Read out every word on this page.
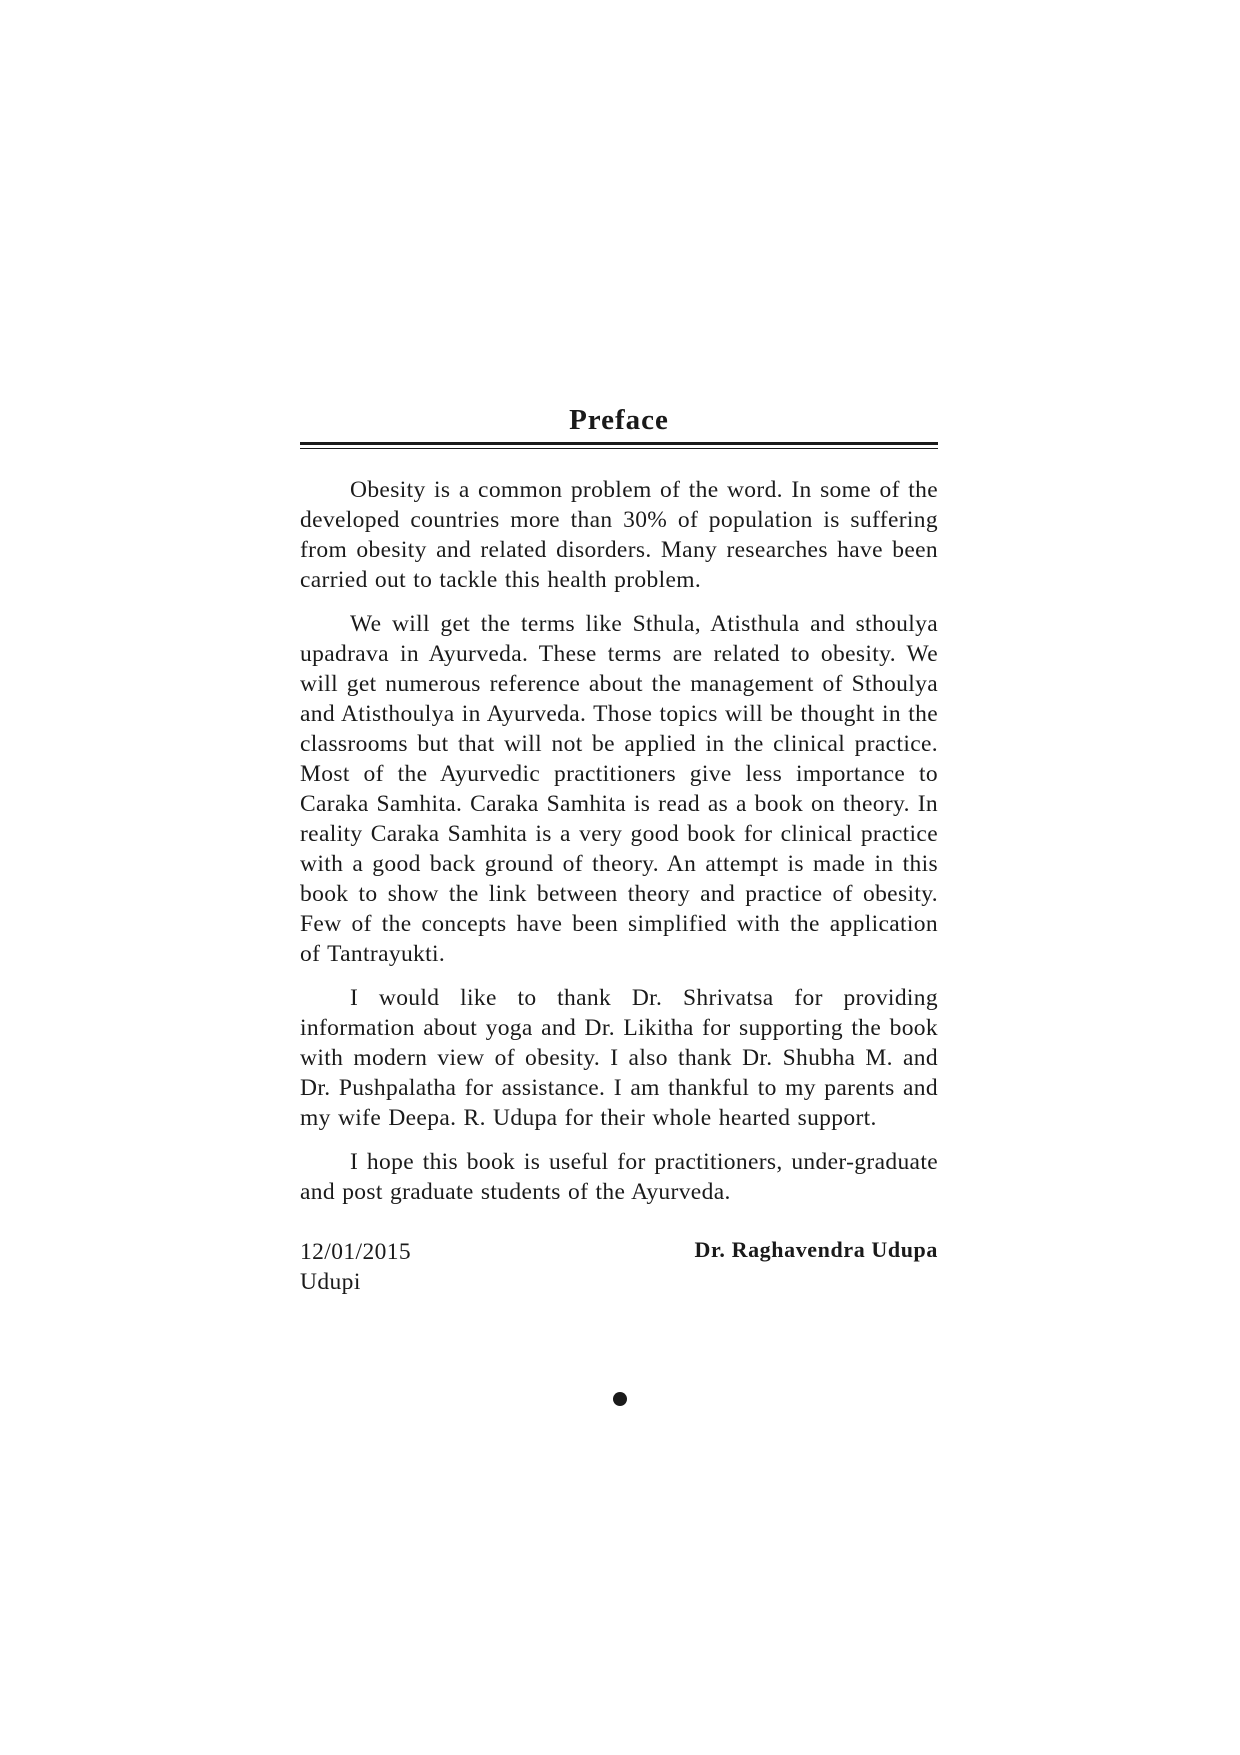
Preface

Obesity is a common problem of the word. In some of the developed countries more than 30% of population is suffering from obesity and related disorders. Many researches have been carried out to tackle this health problem.

We will get the terms like Sthula, Atisthula and sthoulya upadrava in Ayurveda. These terms are related to obesity. We will get numerous reference about the management of Sthoulya and Atisthoulya in Ayurveda. Those topics will be thought in the classrooms but that will not be applied in the clinical practice. Most of the Ayurvedic practitioners give less importance to Caraka Samhita. Caraka Samhita is read as a book on theory. In reality Caraka Samhita is a very good book for clinical practice with a good back ground of theory. An attempt is made in this book to show the link between theory and practice of obesity. Few of the concepts have been simplified with the application of Tantrayukti.

I would like to thank Dr. Shrivatsa for providing information about yoga and Dr. Likitha for supporting the book with modern view of obesity. I also thank Dr. Shubha M. and Dr. Pushpalatha for assistance. I am thankful to my parents and my wife Deepa. R. Udupa for their whole hearted support.

I hope this book is useful for practitioners, under-graduate and post graduate students of the Ayurveda.

12/01/2015
Udupi
Dr. Raghavendra Udupa
